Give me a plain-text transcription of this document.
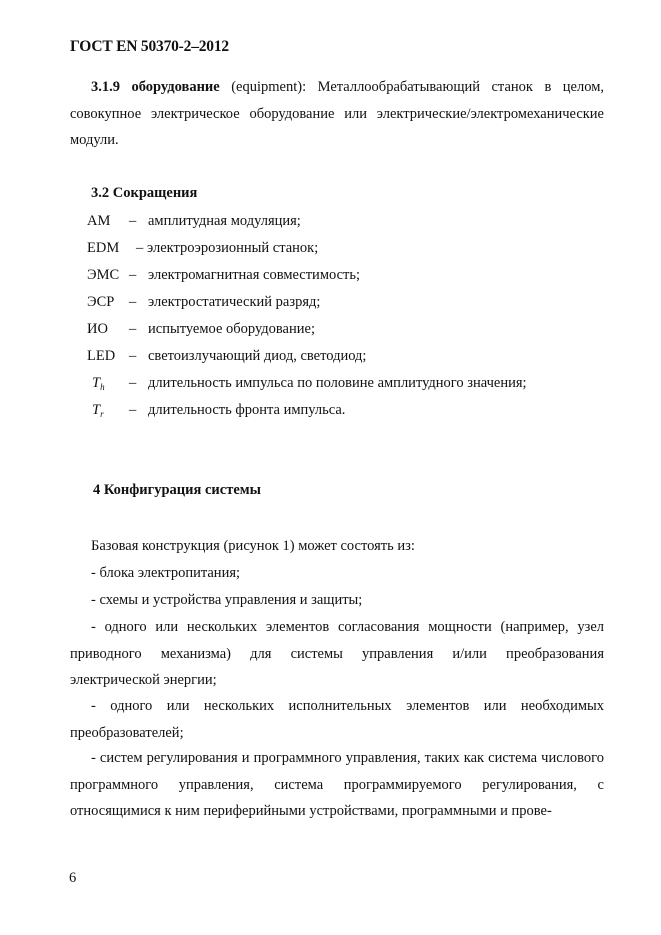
ГОСТ EN 50370-2–2012

3.1.9 оборудование (equipment): Металлообрабатывающий станок в целом, совокупное электрическое оборудование или электрические/электромеханические модули.

3.2 Сокращения
AM – амплитудная модуляция;
EDM – электроэрозионный станок;
ЭМС – электромагнитная совместимость;
ЭСР – электростатический разряд;
ИО – испытуемое оборудование;
LED – светоизлучающий диод, светодиод;
$T_h$ – длительность импульса по половине амплитудного значения;
$T_r$ – длительность фронта импульса.
4 Конфигурация системы

Базовая конструкция (рисунок 1) может состоять из:

- блока электропитания;

- схемы и устройства управления и защиты;

- одного или нескольких элементов согласования мощности (например, узел приводного механизма) для системы управления и/или преобразования электрической энергии;

- одного или нескольких исполнительных элементов или необходимых преобразователей;

- систем регулирования и программного управления, таких как система числового программного управления, система программируемого регулирования, с относящимися к ним периферийными устройствами, программными и прове-

6
